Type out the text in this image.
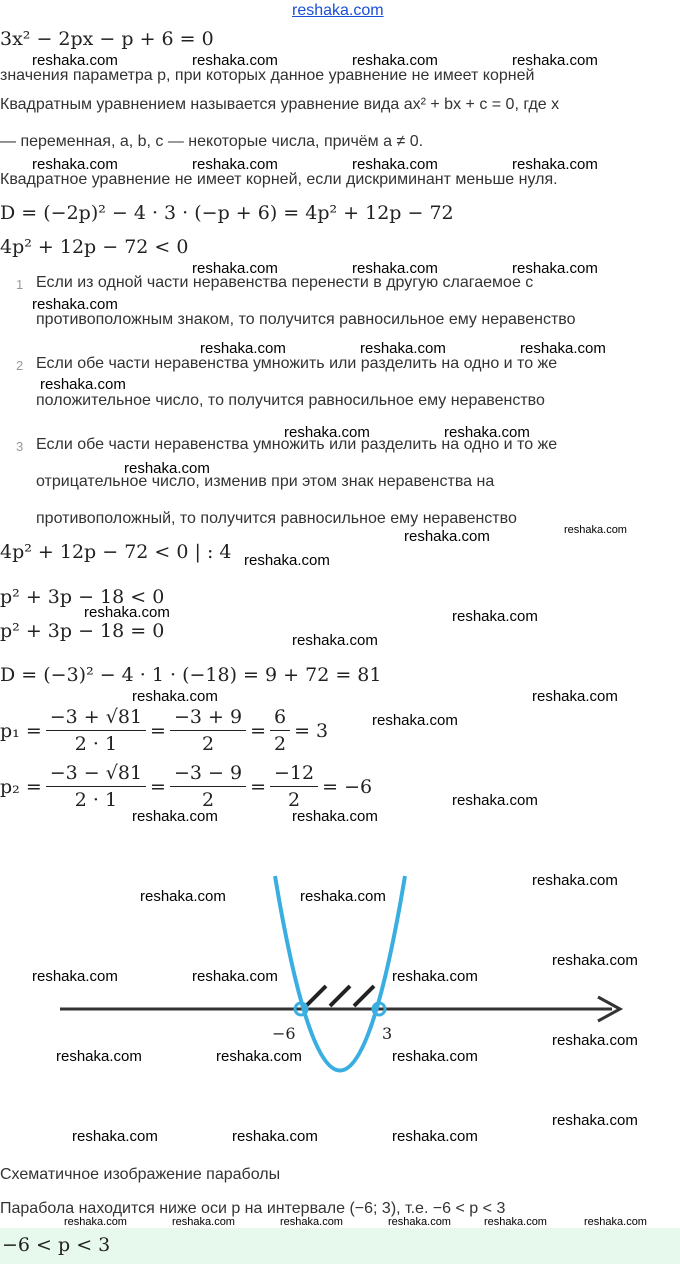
reshaka.com
3x² − 2px − p + 6 = 0
значения параметра p, при которых данное уравнение не имеет корней
Квадратным уравнением называется уравнение вида ax² + bx + c = 0, где x
— переменная, a, b, c — некоторые числа, причём a ≠ 0.
Квадратное уравнение не имеет корней, если дискриминант меньше нуля.
D = (−2p)² − 4 · 3 · (−p + 6) = 4p² + 12p − 72
4p² + 12p − 72 < 0
1 Если из одной части неравенства перенести в другую слагаемое с
противоположным знаком, то получится равносильное ему неравенство
2 Если обе части неравенства умножить или разделить на одно и то же
положительное число, то получится равносильное ему неравенство
3 Если обе части неравенства умножить или разделить на одно и то же
отрицательное число, изменив при этом знак неравенства на
противоположный, то получится равносильное ему неравенство
4p² + 12p − 72 < 0 | : 4
p² + 3p − 18 < 0
p² + 3p − 18 = 0
D = (−3)² − 4 · 1 · (−18) = 9 + 72 = 81
$p_1 = \frac{-3 + √81}{2 \cdot 1} = \frac{-3 + 9}{2} = \frac{6}{2} = 3$
$p_2 = \frac{-3 - √81}{2 \cdot 1} = \frac{-3 - 9}{2} = \frac{-12}{2} = -6$
−6	3
Схематичное изображение параболы
Парабола находится ниже оси p на интервале (−6; 3), т.е. −6 < p < 3
−6 < p < 3
reshaka.com	reshaka.com	reshaka.com	reshaka.com
reshaka.com	reshaka.com	reshaka.com	reshaka.com
reshaka.com	reshaka.com	reshaka.com
reshaka.com
reshaka.com	reshaka.com	reshaka.com
reshaka.com
reshaka.com	reshaka.com
reshaka.com
reshaka.com
reshaka.com
reshaka.com
reshaka.com	reshaka.com
reshaka.com
reshaka.com	reshaka.com
reshaka.com
reshaka.com
reshaka.com	reshaka.com
reshaka.com
reshaka.com	reshaka.com
reshaka.com
reshaka.com	reshaka.com	reshaka.com
reshaka.com
reshaka.com	reshaka.com	reshaka.com
reshaka.com
reshaka.com	reshaka.com	reshaka.com
reshaka.com	reshaka.com	reshaka.com	reshaka.com	reshaka.com	reshaka.com
